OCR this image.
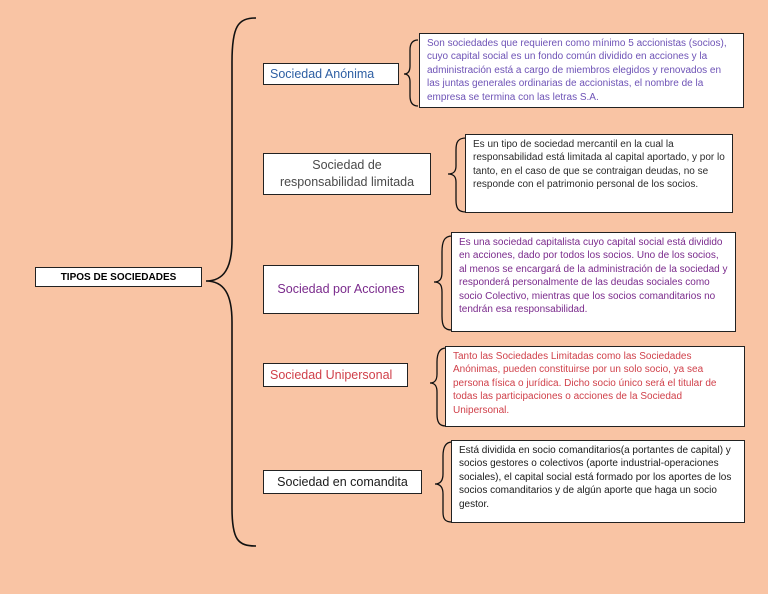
TIPOS DE SOCIEDADES
Sociedad Anónima
Sociedad de responsabilidad limitada
Sociedad por Acciones
Sociedad Unipersonal
Sociedad en comandita
Son sociedades que requieren como mínimo 5 accionistas (socios), cuyo capital social es un fondo común dividido en acciones y la administración está a cargo de miembros elegidos y renovados en las juntas generales ordinarias de accionistas, el nombre de la empresa se termina con las letras S.A.
Es un tipo de sociedad mercantil en la cual la responsabilidad está limitada al capital aportado, y por lo tanto, en el caso de que se contraigan deudas, no se responde con el patrimonio personal de los socios.
Es una sociedad capitalista cuyo capital social está dividido en acciones, dado por todos los socios. Uno de los socios, al menos se encargará de la administración de la sociedad y responderá personalmente de las deudas sociales como socio Colectivo, mientras que los socios comanditarios no tendrán esa responsabilidad.
Tanto las Sociedades Limitadas como las Sociedades Anónimas, pueden constituirse por un solo socio, ya sea persona física o jurídica. Dicho socio único será el titular de todas las participaciones o acciones de la Sociedad Unipersonal.
Está dividida en socio comanditarios(a portantes de capital) y socios gestores o colectivos (aporte industrial-operaciones sociales), el capital social está formado por los aportes de los socios comanditarios y de algún aporte que haga un socio gestor.
